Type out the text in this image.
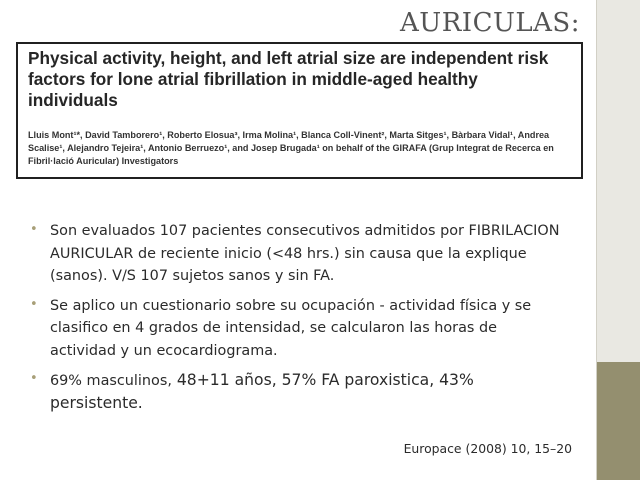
AURICULAS:
Physical activity, height, and left atrial size are independent risk factors for lone atrial fibrillation in middle-aged healthy individuals
Lluis Mont¹*, David Tamborero¹, Roberto Elosua³, Irma Molina¹, Blanca Coll-Vinent², Marta Sitges¹, Bàrbara Vidal¹, Andrea Scalise¹, Alejandro Tejeira¹, Antonio Berruezo¹, and Josep Brugada¹ on behalf of the GIRAFA (Grup Integrat de Recerca en Fibril·lació Auricular) Investigators
• Son evaluados 107 pacientes consecutivos admitidos por FIBRILACION AURICULAR de reciente inicio (<48 hrs.) sin causa que la explique (sanos). V/S 107 sujetos sanos y sin FA.
• Se aplico un cuestionario sobre su ocupación - actividad física y se clasifico en 4 grados de intensidad, se calcularon las horas de actividad y un ecocardiograma.
• 69% masculinos, 48+11 años, 57% FA paroxistica, 43% persistente.
Europace (2008) 10, 15–20
